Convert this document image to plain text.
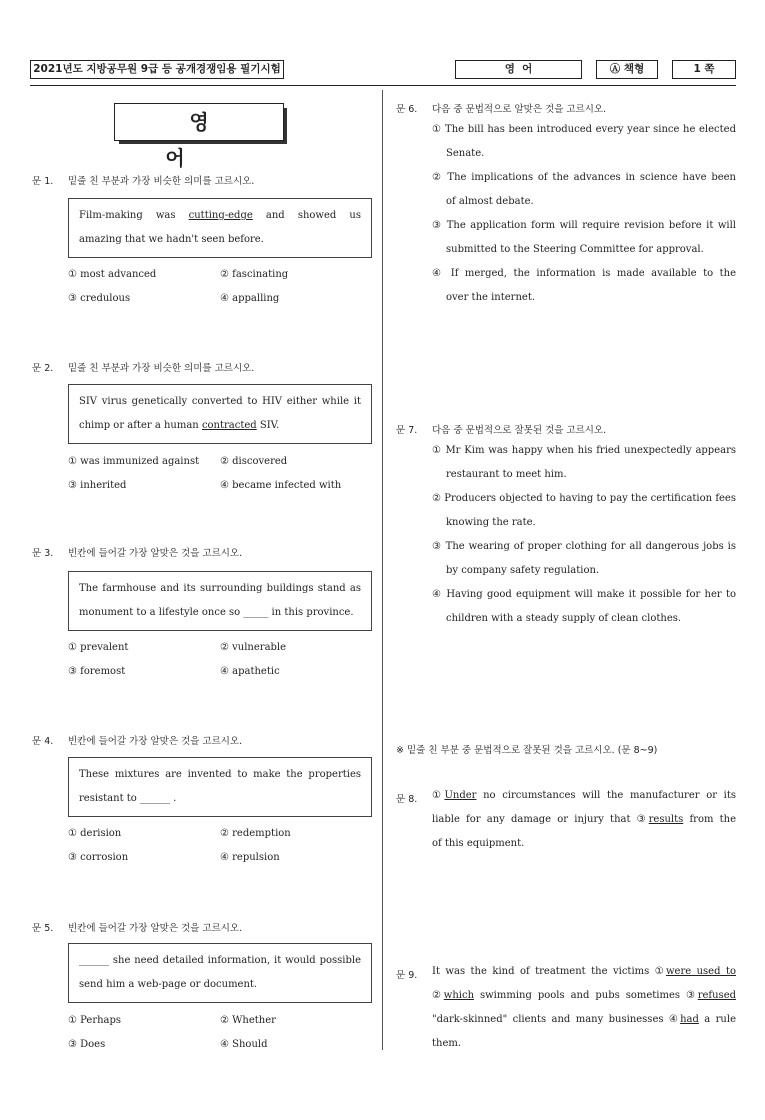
2021년도 지방공무원 9급 등 공개경쟁임용 필기시험	영  어	Ⓐ 책형	1 쪽
영어
문 1. 밑줄 친 부분과 가장 비슷한 의미를 고르시오.
Film-making was cutting-edge and showed us
amazing that we hadn't seen before.
① most advanced	② fascinating
③ credulous	④ appalling
문 2. 밑줄 친 부분과 가장 비슷한 의미를 고르시오.
SIV virus genetically converted to HIV either while it
chimp or after a human contracted SIV.
① was immunized against ② discovered
③ inherited	④ became infected with
문 3. 빈칸에 들어갈 가장 알맞은 것을 고르시오.
The farmhouse and its surrounding buildings stand as
monument to a lifestyle once so _____ in this province.
① prevalent	② vulnerable
③ foremost	④ apathetic
문 4. 빈칸에 들어갈 가장 알맞은 것을 고르시오.
These mixtures are invented to make the properties
resistant to ______ .
① derision	② redemption
③ corrosion	④ repulsion
문 5. 빈칸에 들어갈 가장 알맞은 것을 고르시오.
______ she need detailed information, it would possible
send him a web-page or document.
① Perhaps	② Whether
③ Does	④ Should
문 6. 다음 중 문법적으로 알맞은 것을 고르시오.
① The bill has been introduced every year since he elected
Senate.
② The implications of the advances in science have been
of almost debate.
③ The application form will require revision before it will
submitted to the Steering Committee for approval.
④ If merged, the information is made available to the
over the internet.
문 7. 다음 중 문법적으로 잘못된 것을 고르시오.
① Mr Kim was happy when his fried unexpectedly appears
restaurant to meet him.
② Producers objected to having to pay the certification fees
knowing the rate.
③ The wearing of proper clothing for all dangerous jobs is
by company safety regulation.
④ Having good equipment will make it possible for her to
children with a steady supply of clean clothes.
※ 밑줄 친 부분 중 문법적으로 잘못된 것을 고르시오. (문 8~9)
문 8. ①Under no circumstances will the manufacturer or its
liable for any damage or injury that ③results from the
of this equipment.
문 9. It was the kind of treatment the victims ①were used to
②which swimming pools and pubs sometimes ③refused
"dark-skinned" clients and many businesses ④had a rule
them.
